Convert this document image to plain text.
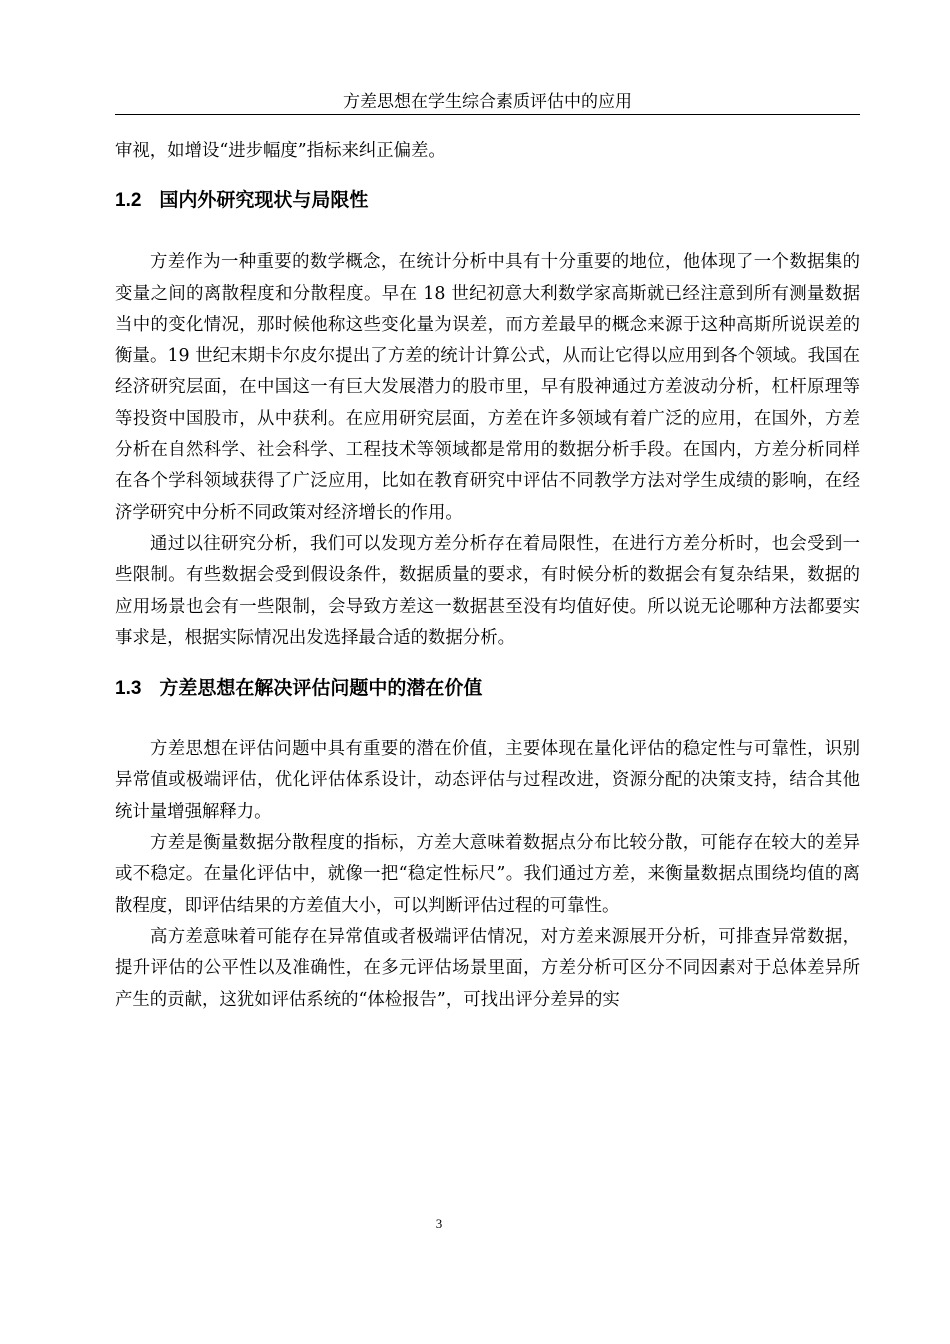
方差思想在学生综合素质评估中的应用

审视，如增设“进步幅度”指标来纠正偏差。

1.2 国内外研究现状与局限性

方差作为一种重要的数学概念，在统计分析中具有十分重要的地位，他体现了一个数据集的变量之间的离散程度和分散程度。早在 18 世纪初意大利数学家高斯就已经注意到所有测量数据当中的变化情况，那时候他称这些变化量为误差，而方差最早的概念来源于这种高斯所说误差的衡量。19 世纪末期卡尔皮尔提出了方差的统计计算公式，从而让它得以应用到各个领域。我国在经济研究层面，在中国这一有巨大发展潜力的股市里，早有股神通过方差波动分析，杠杆原理等等投资中国股市，从中获利。在应用研究层面，方差在许多领域有着广泛的应用，在国外，方差分析在自然科学、社会科学、工程技术等领域都是常用的数据分析手段。在国内，方差分析同样在各个学科领域获得了广泛应用，比如在教育研究中评估不同教学方法对学生成绩的影响，在经济学研究中分析不同政策对经济增长的作用。

通过以往研究分析，我们可以发现方差分析存在着局限性，在进行方差分析时，也会受到一些限制。有些数据会受到假设条件，数据质量的要求，有时候分析的数据会有复杂结果，数据的应用场景也会有一些限制，会导致方差这一数据甚至没有均值好使。所以说无论哪种方法都要实事求是，根据实际情况出发选择最合适的数据分析。

1.3 方差思想在解决评估问题中的潜在价值

方差思想在评估问题中具有重要的潜在价值，主要体现在量化评估的稳定性与可靠性，识别异常值或极端评估，优化评估体系设计，动态评估与过程改进，资源分配的决策支持，结合其他统计量增强解释力。

方差是衡量数据分散程度的指标，方差大意味着数据点分布比较分散，可能存在较大的差异或不稳定。在量化评估中，就像一把“稳定性标尺”。我们通过方差，来衡量数据点围绕均值的离散程度，即评估结果的方差值大小，可以判断评估过程的可靠性。

高方差意味着可能存在异常值或者极端评估情况，对方差来源展开分析，可排查异常数据，提升评估的公平性以及准确性，在多元评估场景里面，方差分析可区分不同因素对于总体差异所产生的贡献，这犹如评估系统的“体检报告”，可找出评分差异的实

3
